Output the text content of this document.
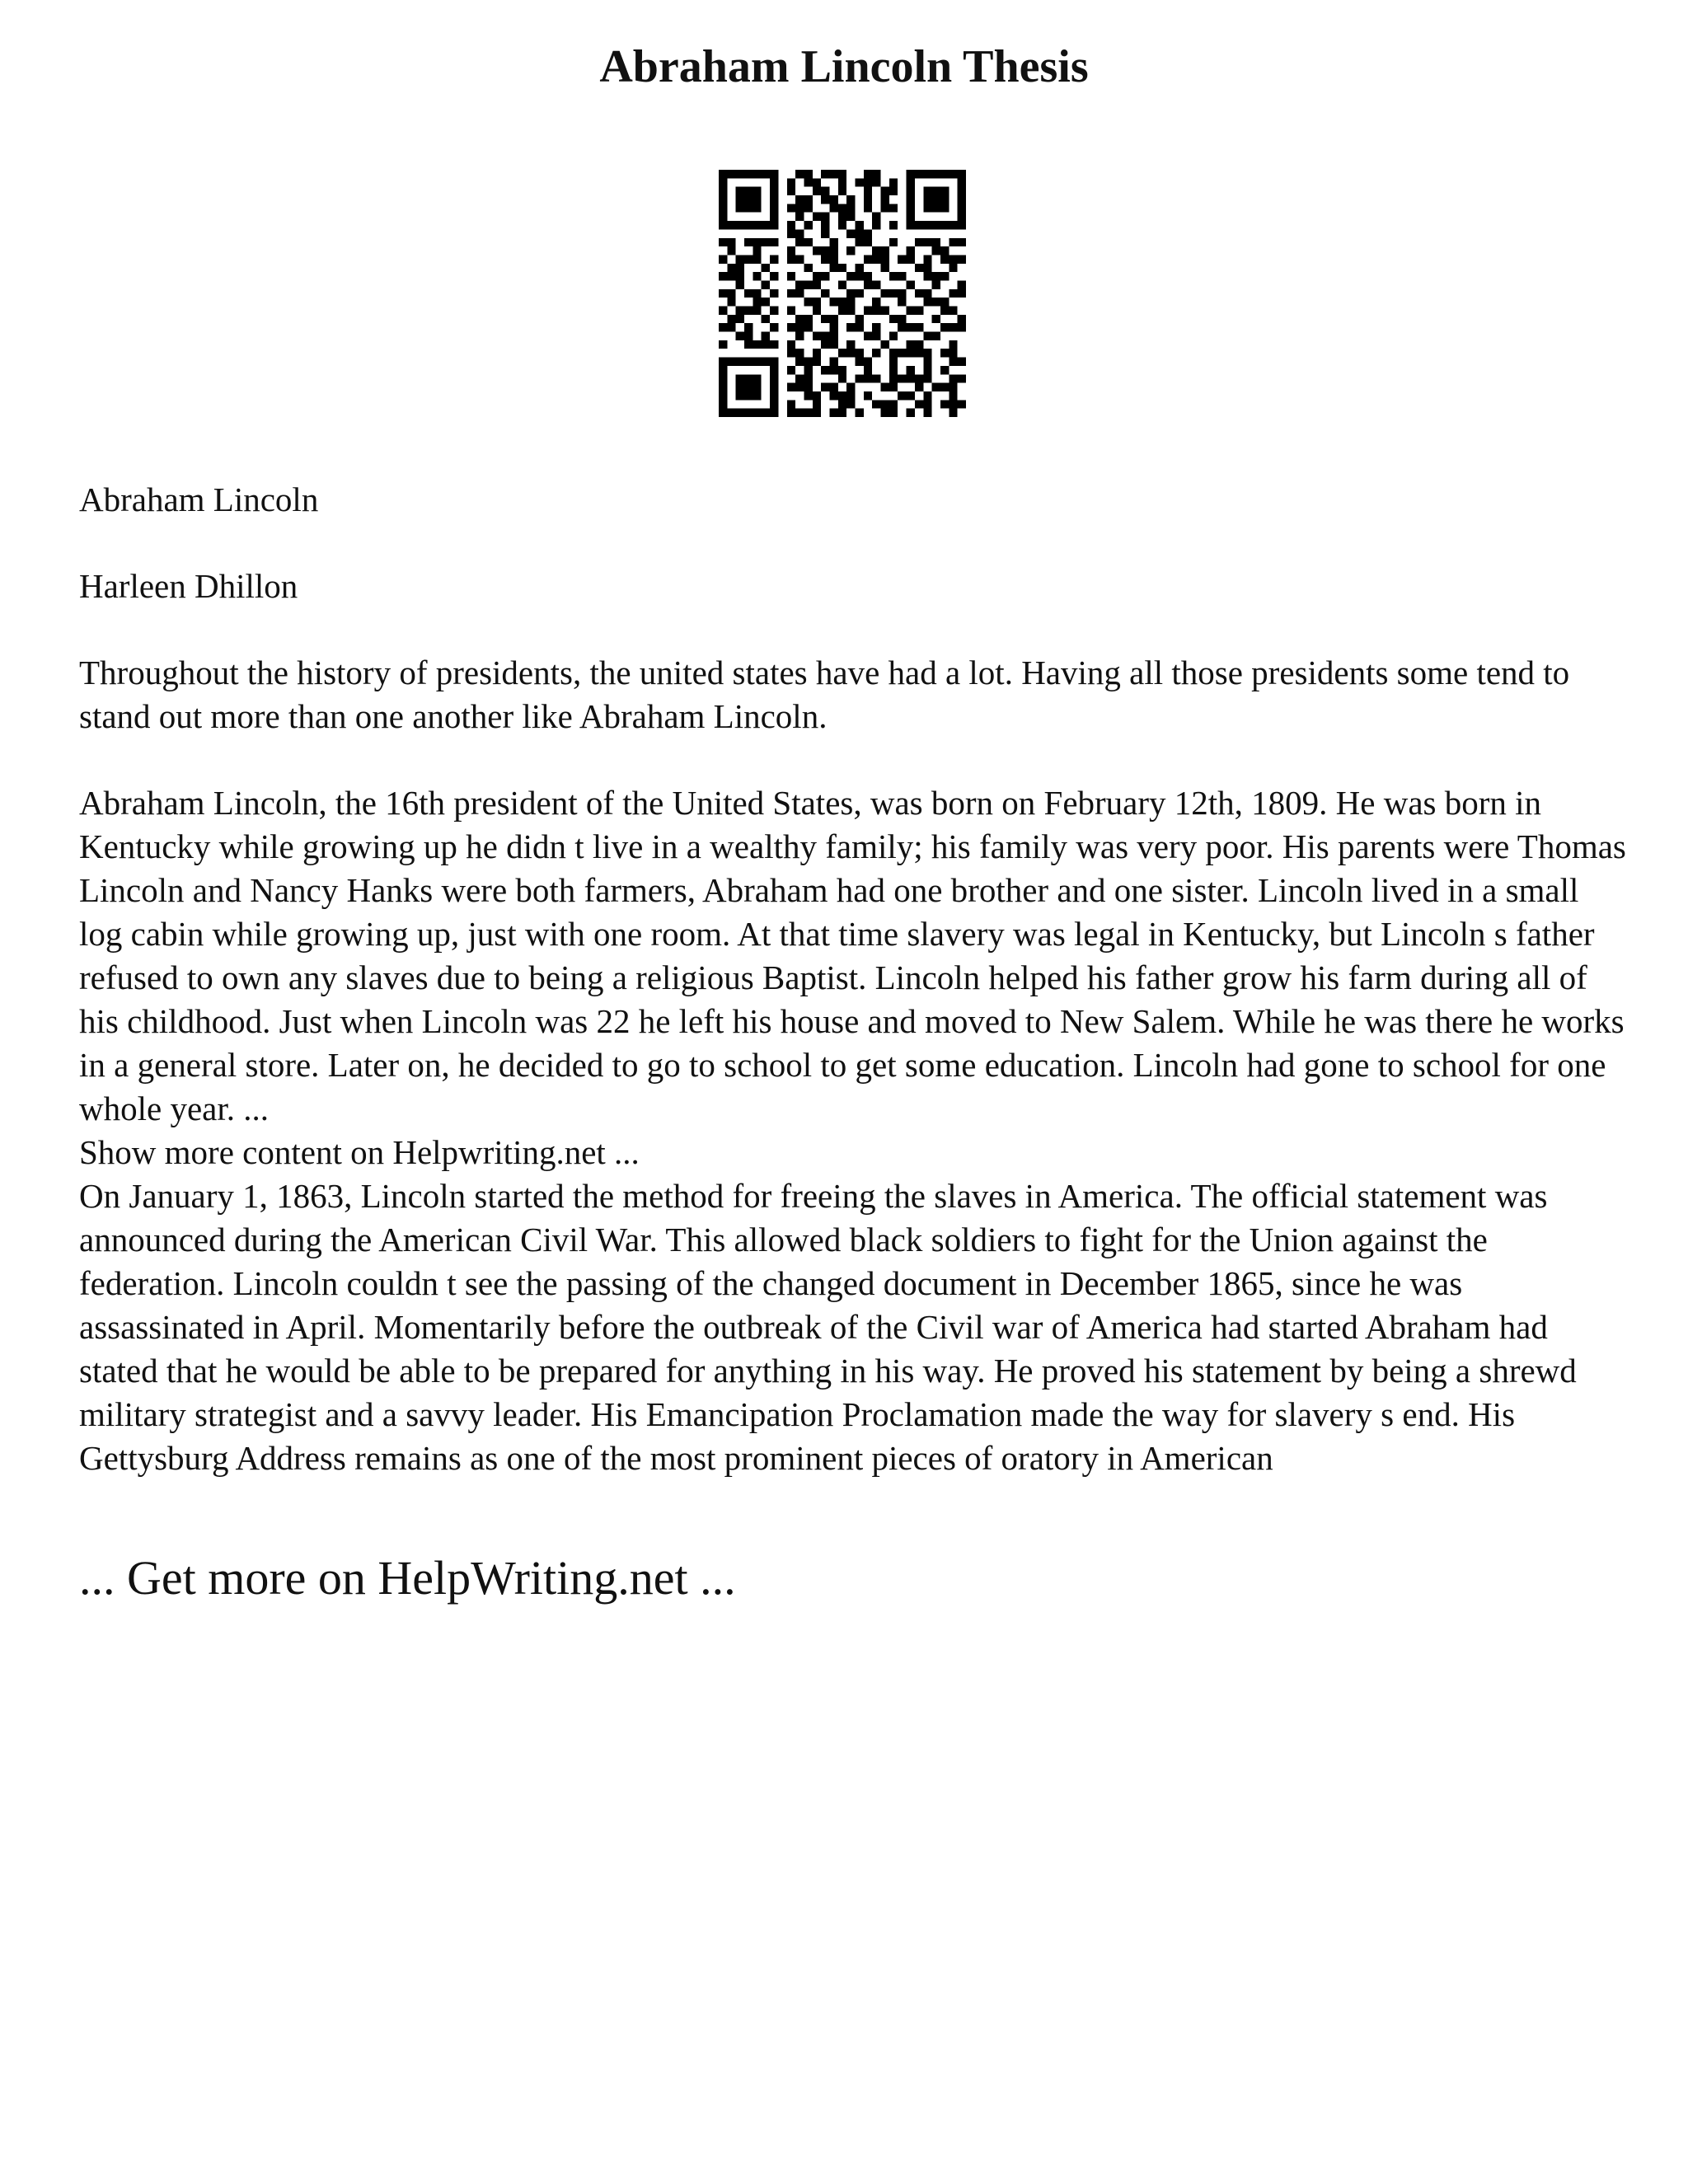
Abraham Lincoln Thesis

Abraham Lincoln

Harleen Dhillon

Throughout the history of presidents, the united states have had a lot. Having all those presidents some tend to stand out more than one another like Abraham Lincoln.

Abraham Lincoln, the 16th president of the United States, was born on February 12th, 1809. He was born in Kentucky while growing up he didn t live in a wealthy family; his family was very poor. His parents were Thomas Lincoln and Nancy Hanks were both farmers, Abraham had one brother and one sister. Lincoln lived in a small log cabin while growing up, just with one room. At that time slavery was legal in Kentucky, but Lincoln s father refused to own any slaves due to being a religious Baptist. Lincoln helped his father grow his farm during all of his childhood. Just when Lincoln was 22 he left his house and moved to New Salem. While he was there he works in a general store. Later on, he decided to go to school to get some education. Lincoln had gone to school for one whole year. ...

Show more content on Helpwriting.net ...

On January 1, 1863, Lincoln started the method for freeing the slaves in America. The official statement was announced during the American Civil War. This allowed black soldiers to fight for the Union against the federation. Lincoln couldn t see the passing of the changed document in December 1865, since he was assassinated in April. Momentarily before the outbreak of the Civil war of America had started Abraham had stated that he would be able to be prepared for anything in his way. He proved his statement by being a shrewd military strategist and a savvy leader. His Emancipation Proclamation made the way for slavery s end. His Gettysburg Address remains as one of the most prominent pieces of oratory in American

... Get more on HelpWriting.net ...
